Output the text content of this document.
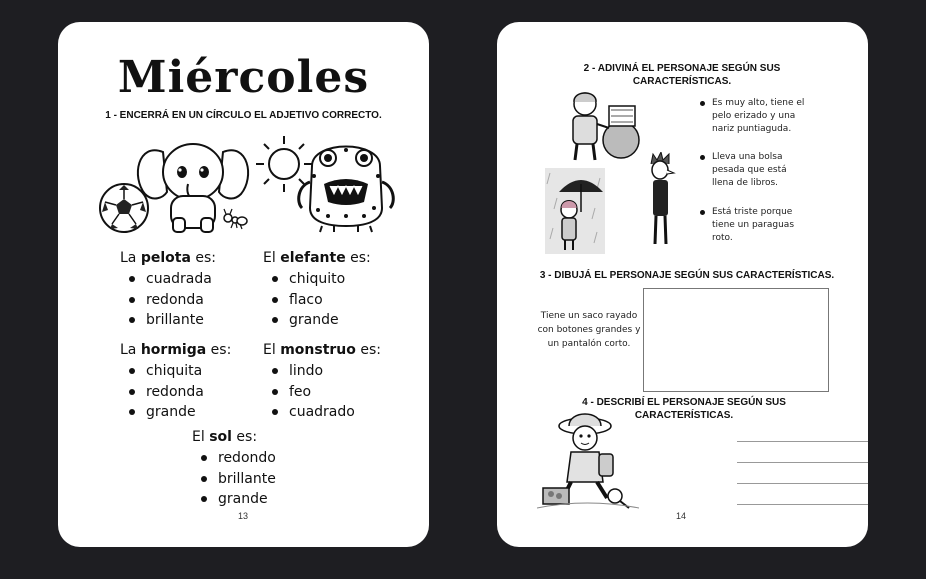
Miércoles
1 - ENCERRÁ EN UN CÍRCULO EL ADJETIVO CORRECTO.
La pelota es:
cuadrada
redonda
brillante
El elefante es:
chiquito
flaco
grande
La hormiga es:
chiquita
redonda
grande
El monstruo es:
lindo
feo
cuadrado
El sol es:
redondo
brillante
grande
13
2 - ADIVINÁ EL PERSONAJE SEGÚN SUS CARACTERÍSTICAS.
Es muy alto, tiene el pelo erizado y una nariz puntiaguda.
Lleva una bolsa pesada que está llena de libros.
Está triste porque tiene un paraguas roto.
3 - DIBUJÁ EL PERSONAJE SEGÚN SUS CARACTERÍSTICAS.
Tiene un saco rayado con botones grandes y un pantalón corto.
4 - DESCRIBÍ EL PERSONAJE SEGÚN SUS CARACTERÍSTICAS.
14
